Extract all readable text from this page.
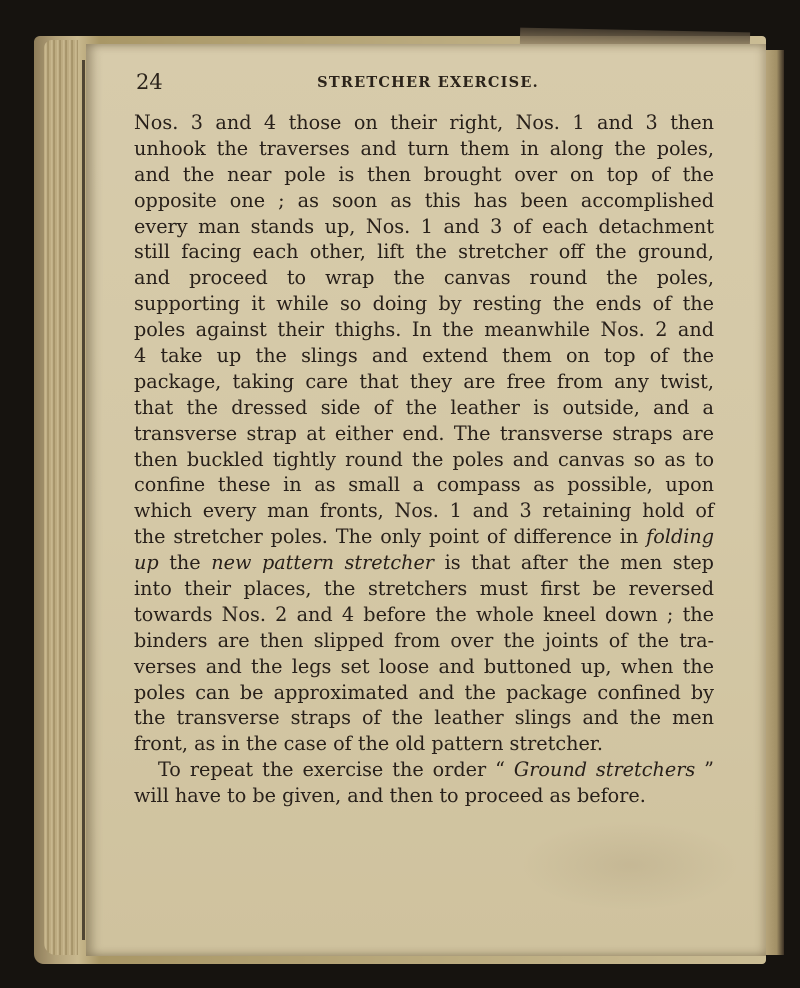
24	STRETCHER EXERCISE.
Nos. 3 and 4 those on their right, Nos. 1 and 3 then
unhook the traverses and turn them in along the poles,
and the near pole is then brought over on top of the
opposite one ; as soon as this has been accomplished
every man stands up, Nos. 1 and 3 of each detachment
still facing each other, lift the stretcher off the ground,
and proceed to wrap the canvas round the poles,
supporting it while so doing by resting the ends of the
poles against their thighs. In the meanwhile Nos. 2 and
4 take up the slings and extend them on top of the
package, taking care that they are free from any twist,
that the dressed side of the leather is outside, and a
transverse strap at either end. The transverse straps are
then buckled tightly round the poles and canvas so as to
confine these in as small a compass as possible, upon
which every man fronts, Nos. 1 and 3 retaining hold of
the stretcher poles. The only point of difference in folding
up the new pattern stretcher is that after the men step
into their places, the stretchers must first be reversed
towards Nos. 2 and 4 before the whole kneel down ; the
binders are then slipped from over the joints of the tra-
verses and the legs set loose and buttoned up, when the
poles can be approximated and the package confined by
the transverse straps of the leather slings and the men
front, as in the case of the old pattern stretcher.
To repeat the exercise the order “ Ground stretchers ”
will have to be given, and then to proceed as before.
